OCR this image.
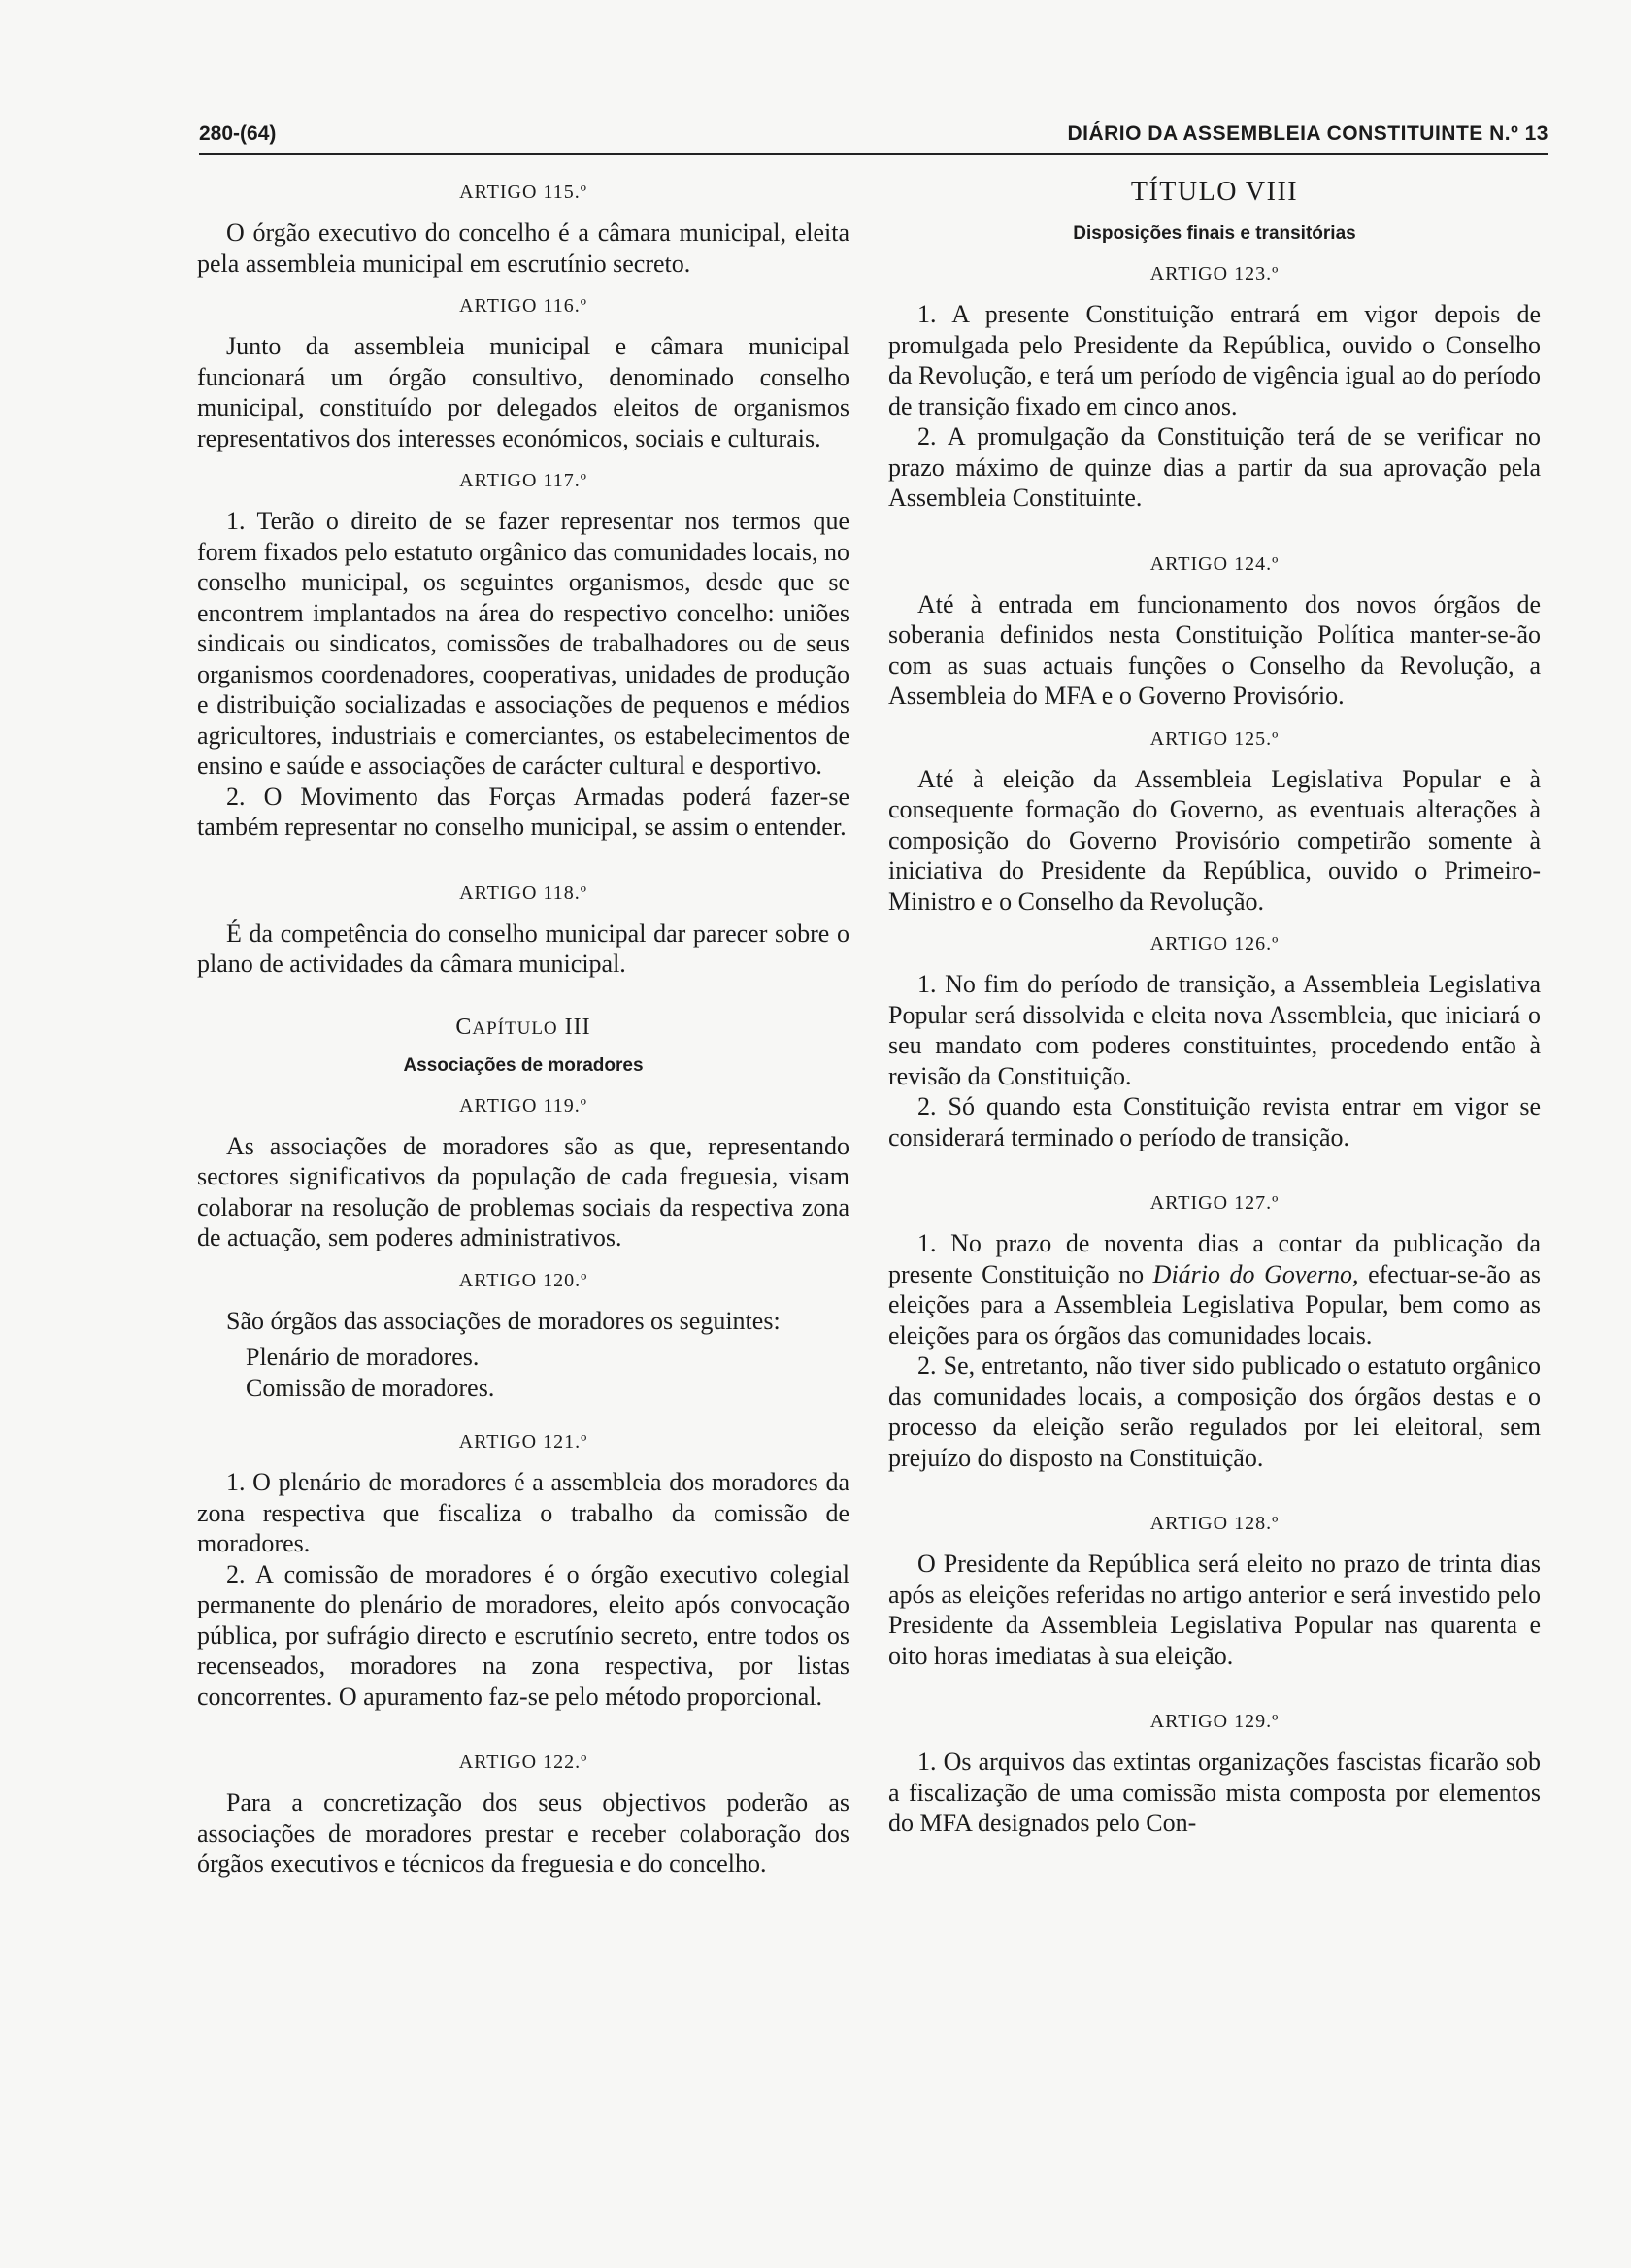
280-(64)	DIÁRIO DA ASSEMBLEIA CONSTITUINTE N.º 13
ARTIGO 115.º

O órgão executivo do concelho é a câmara municipal, eleita pela assembleia municipal em escrutínio secreto.

ARTIGO 116.º

Junto da assembleia municipal e câmara municipal funcionará um órgão consultivo, denominado conselho municipal, constituído por delegados eleitos de organismos representativos dos interesses económicos, sociais e culturais.

ARTIGO 117.º

1. Terão o direito de se fazer representar nos termos que forem fixados pelo estatuto orgânico das comunidades locais, no conselho municipal, os seguintes organismos, desde que se encontrem implantados na área do respectivo concelho: uniões sindicais ou sindicatos, comissões de trabalhadores ou de seus organismos coordenadores, cooperativas, unidades de produção e distribuição socializadas e associações de pequenos e médios agricultores, industriais e comerciantes, os estabelecimentos de ensino e saúde e associações de carácter cultural e desportivo.

2. O Movimento das Forças Armadas poderá fazer-se também representar no conselho municipal, se assim o entender.

ARTIGO 118.º

É da competência do conselho municipal dar parecer sobre o plano de actividades da câmara municipal.

CAPÍTULO III
Associações de moradores
ARTIGO 119.º

As associações de moradores são as que, representando sectores significativos da população de cada freguesia, visam colaborar na resolução de problemas sociais da respectiva zona de actuação, sem poderes administrativos.

ARTIGO 120.º

São órgãos das associações de moradores os seguintes:

Plenário de moradores.
Comissão de moradores.
ARTIGO 121.º

1. O plenário de moradores é a assembleia dos moradores da zona respectiva que fiscaliza o trabalho da comissão de moradores.

2. A comissão de moradores é o órgão executivo colegial permanente do plenário de moradores, eleito após convocação pública, por sufrágio directo e escrutínio secreto, entre todos os recenseados, moradores na zona respectiva, por listas concorrentes. O apuramento faz-se pelo método proporcional.

ARTIGO 122.º

Para a concretização dos seus objectivos poderão as associações de moradores prestar e receber colaboração dos órgãos executivos e técnicos da freguesia e do concelho.

TÍTULO VIII
Disposições finais e transitórias
ARTIGO 123.º

1. A presente Constituição entrará em vigor depois de promulgada pelo Presidente da República, ouvido o Conselho da Revolução, e terá um período de vigência igual ao do período de transição fixado em cinco anos.

2. A promulgação da Constituição terá de se verificar no prazo máximo de quinze dias a partir da sua aprovação pela Assembleia Constituinte.

ARTIGO 124.º

Até à entrada em funcionamento dos novos órgãos de soberania definidos nesta Constituição Política manter-se-ão com as suas actuais funções o Conselho da Revolução, a Assembleia do MFA e o Governo Provisório.

ARTIGO 125.º

Até à eleição da Assembleia Legislativa Popular e à consequente formação do Governo, as eventuais alterações à composição do Governo Provisório competirão somente à iniciativa do Presidente da República, ouvido o Primeiro-Ministro e o Conselho da Revolução.

ARTIGO 126.º

1. No fim do período de transição, a Assembleia Legislativa Popular será dissolvida e eleita nova Assembleia, que iniciará o seu mandato com poderes constituintes, procedendo então à revisão da Constituição.

2. Só quando esta Constituição revista entrar em vigor se considerará terminado o período de transição.

ARTIGO 127.º

1. No prazo de noventa dias a contar da publicação da presente Constituição no Diário do Governo, efectuar-se-ão as eleições para a Assembleia Legislativa Popular, bem como as eleições para os órgãos das comunidades locais.

2. Se, entretanto, não tiver sido publicado o estatuto orgânico das comunidades locais, a composição dos órgãos destas e o processo da eleição serão regulados por lei eleitoral, sem prejuízo do disposto na Constituição.

ARTIGO 128.º

O Presidente da República será eleito no prazo de trinta dias após as eleições referidas no artigo anterior e será investido pelo Presidente da Assembleia Legislativa Popular nas quarenta e oito horas imediatas à sua eleição.

ARTIGO 129.º

1. Os arquivos das extintas organizações fascistas ficarão sob a fiscalização de uma comissão mista composta por elementos do MFA designados pelo Con-
